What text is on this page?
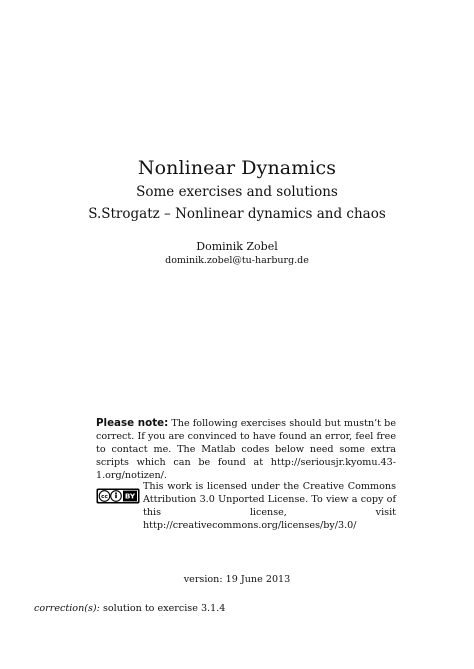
Nonlinear Dynamics
Some exercises and solutions
S.Strogatz – Nonlinear dynamics and chaos
Dominik Zobel
dominik.zobel@tu-harburg.de
Please note: The following exercises should but mustn’t be correct. If you are convinced to have found an error, feel free to contact me. The Matlab codes below need some extra scripts which can be found at http://seriousjr.kyomu.43-1.org/notizen/.
This work is licensed under the Creative Commons Attribution 3.0 Unported License. To view a copy of this license, visit http://creativecommons.org/licenses/by/3.0/
cc BY
version: 19 June 2013
correction(s): solution to exercise 3.1.4
